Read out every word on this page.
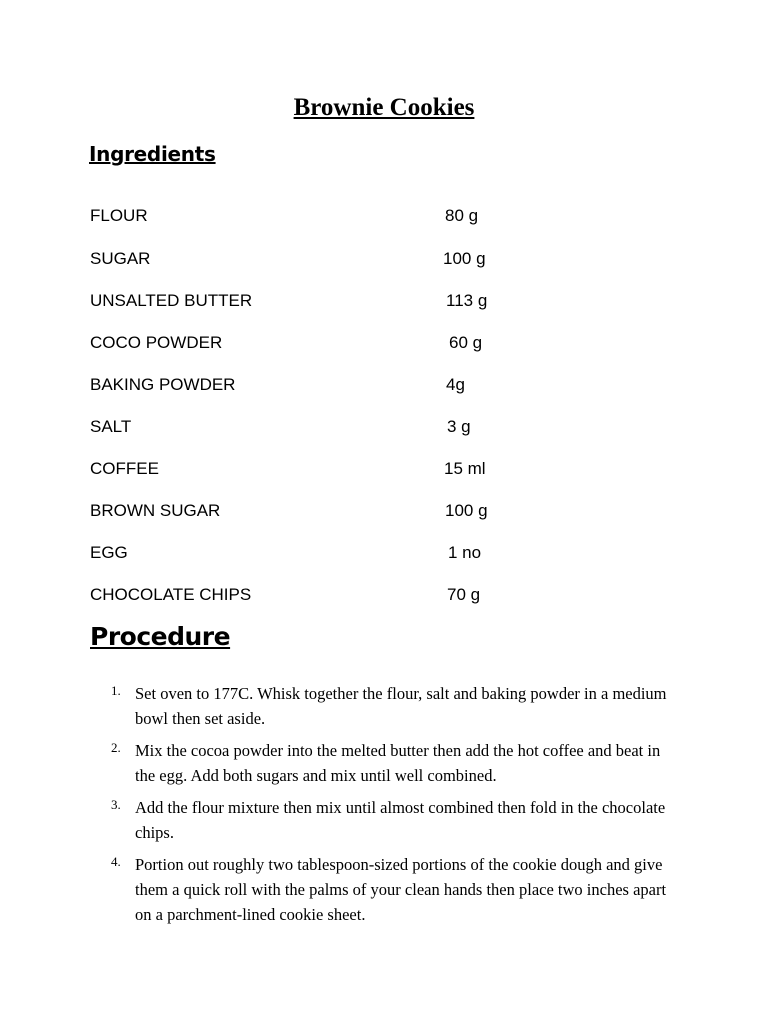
Brownie Cookies
Ingredients
FLOUR	80 g
SUGAR	100 g
UNSALTED BUTTER	113 g
COCO POWDER	60 g
BAKING POWDER	4g
SALT	3 g
COFFEE	15 ml
BROWN SUGAR	100 g
EGG	1 no
CHOCOLATE CHIPS	70 g
Procedure
1. Set oven to 177C. Whisk together the flour, salt and baking powder in a medium bowl then set aside.
2. Mix the cocoa powder into the melted butter then add the hot coffee and beat in the egg. Add both sugars and mix until well combined.
3. Add the flour mixture then mix until almost combined then fold in the chocolate chips.
4. Portion out roughly two tablespoon-sized portions of the cookie dough and give them a quick roll with the palms of your clean hands then place two inches apart on a parchment-lined cookie sheet.
